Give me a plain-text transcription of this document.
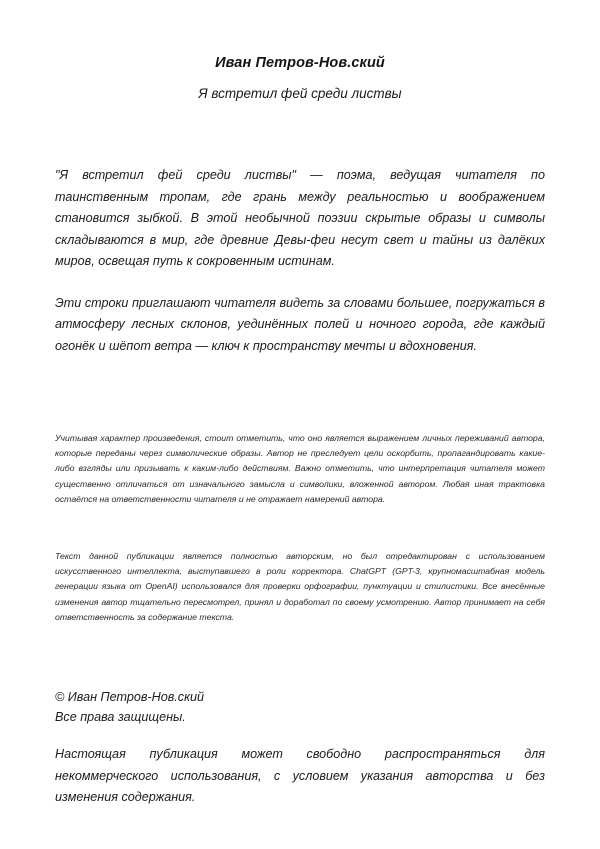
Иван Петров-Нов.ский
Я встретил фей среди листвы

"Я встретил фей среди листвы" — поэма, ведущая читателя по таинственным тропам, где грань между реальностью и воображением становится зыбкой. В этой необычной поэзии скрытые образы и символы складываются в мир, где древние Девы-феи несут свет и тайны из далёких миров, освещая путь к сокровенным истинам.

Эти строки приглашают читателя видеть за словами большее, погружаться в атмосферу лесных склонов, уединённых полей и ночного города, где каждый огонёк и шёпот ветра — ключ к пространству мечты и вдохновения.

Учитывая характер произведения, стоит отметить, что оно является выражением личных переживаний автора, которые переданы через символические образы. Автор не преследует цели оскорбить, пропагандировать какие-либо взгляды или призывать к каким-либо действиям. Важно отметить, что интерпретация читателя может существенно отличаться от изначального замысла и символики, вложенной автором. Любая иная трактовка остаётся на ответственности читателя и не отражает намерений автора.

Текст данной публикации является полностью авторским, но был отредактирован с использованием искусственного интеллекта, выступавшего в роли корректора. ChatGPT (GPT-3, крупномасштабная модель генерации языка от OpenAI) использовался для проверки орфографии, пунктуации и стилистики. Все внесённые изменения автор тщательно пересмотрел, принял и доработал по своему усмотрению. Автор принимает на себя ответственность за содержание текста.

© Иван Петров-Нов.ский

Все права защищены.

Настоящая публикация может свободно распространяться для некоммерческого использования, с условием указания авторства и без изменения содержания.
